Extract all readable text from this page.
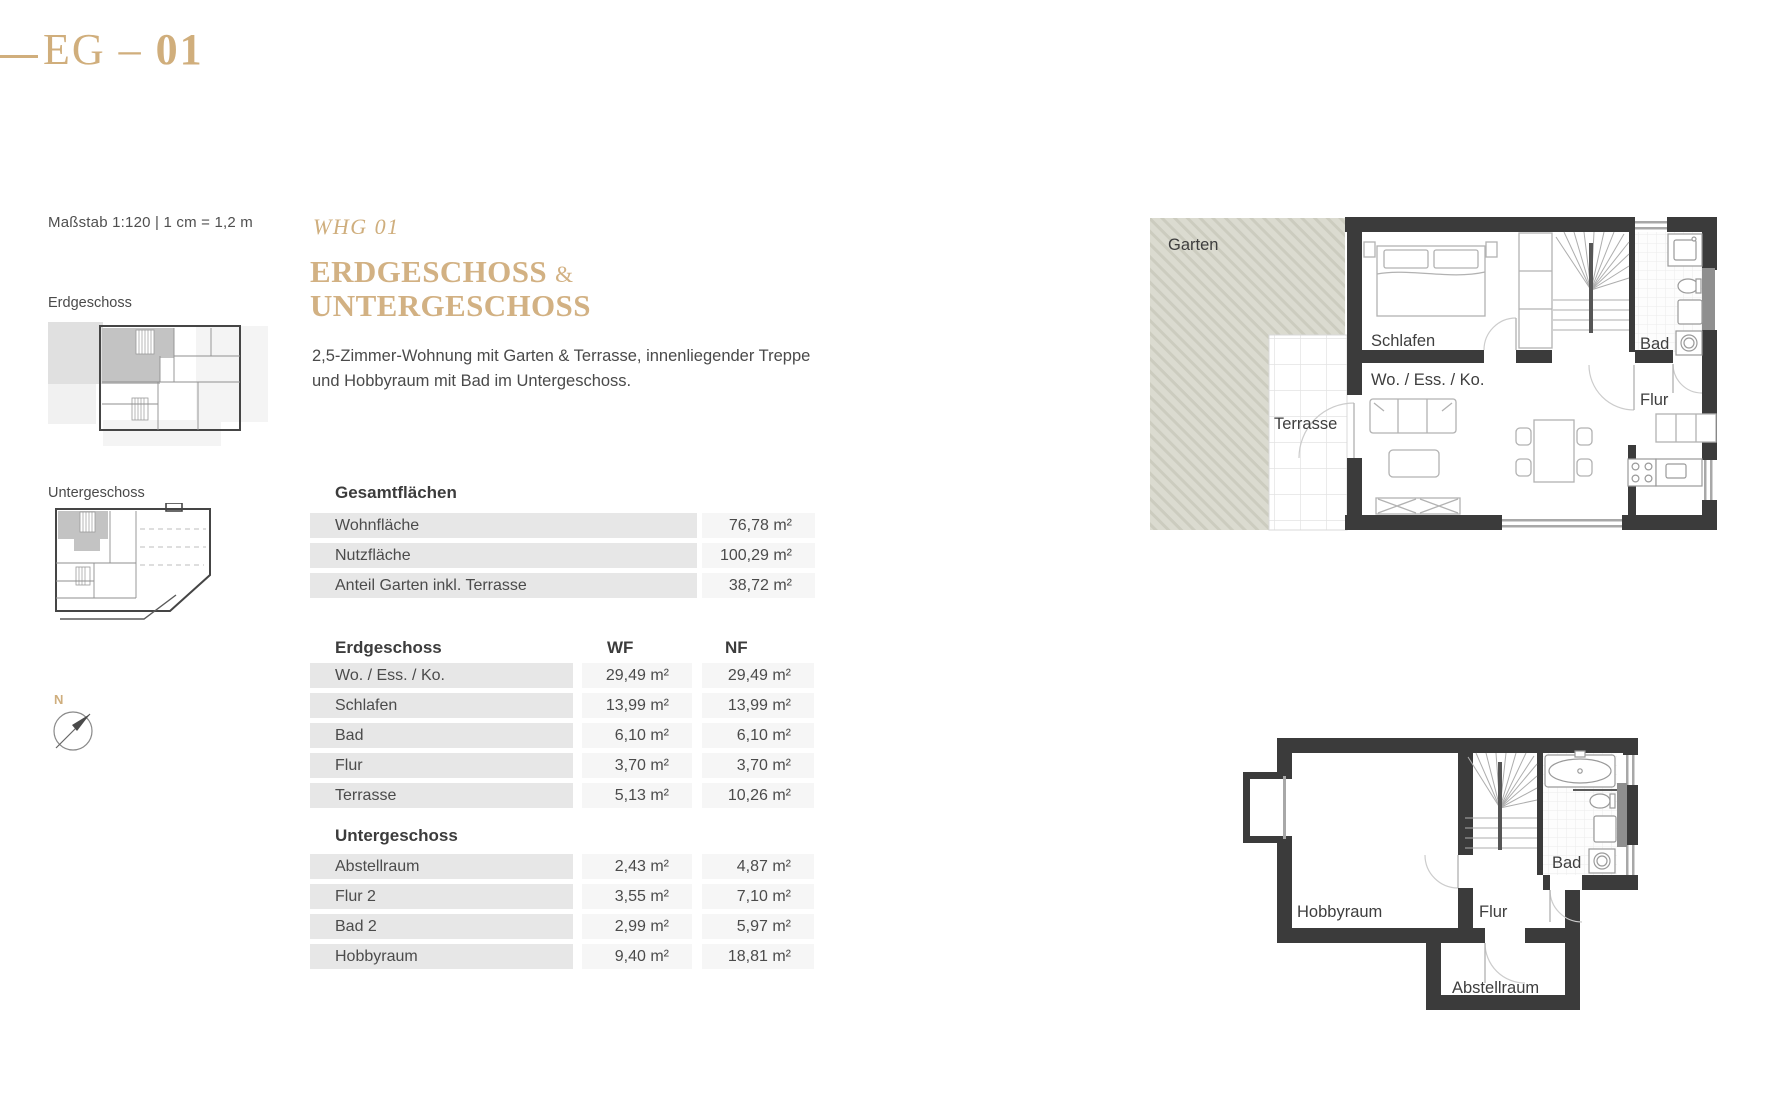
EG – 01
Maßstab 1:120 | 1 cm = 1,2 m
Erdgeschoss
Untergeschoss
N
WHG 01
ERDGESCHOSS &
UNTERGESCHOSS
2,5-Zimmer-Wohnung mit Garten & Terrasse, innenliegender Treppe
und Hobbyraum mit Bad im Untergeschoss.
Gesamtflächen
Wohnfläche	76,78 m²
Nutzfläche	100,29 m²
Anteil Garten inkl. Terrasse	38,72 m²
Erdgeschoss	WF	NF
Wo. / Ess. / Ko.	29,49 m²	29,49 m²
Schlafen	13,99 m²	13,99 m²
Bad	6,10 m²	6,10 m²
Flur	3,70 m²	3,70 m²
Terrasse	5,13 m²	10,26 m²
Untergeschoss
Abstellraum	2,43 m²	4,87 m²
Flur 2	3,55 m²	7,10 m²
Bad 2	2,99 m²	5,97 m²
Hobbyraum	9,40 m²	18,81 m²
Garten
Terrasse
Schlafen
Wo. / Ess. / Ko.
Bad
Flur
Hobbyraum	Flur
Bad
Abstellraum
